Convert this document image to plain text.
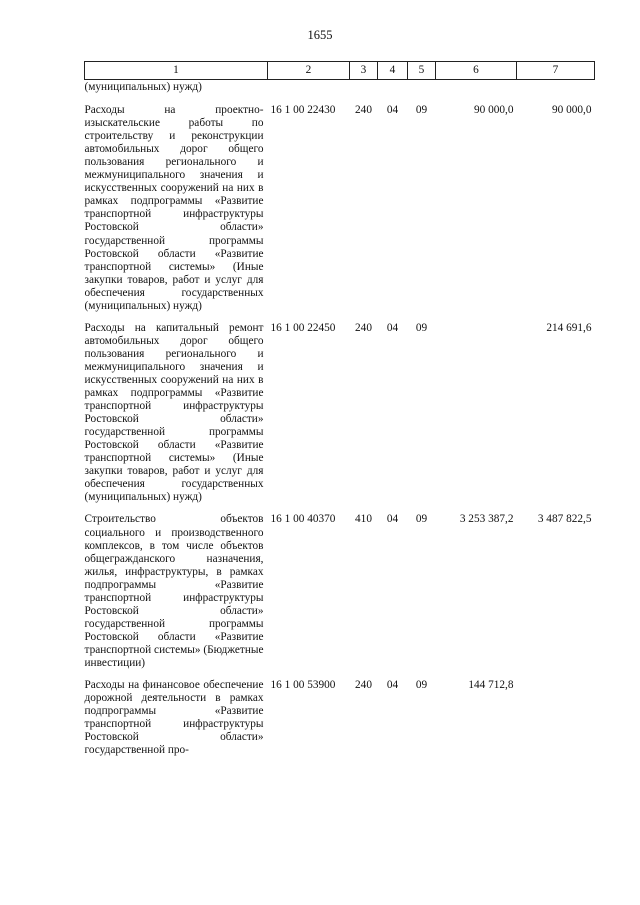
1655
1	2	3	4	5	6	7
(муниципальных) нужд)						
Расходы на проектно-изыскательские работы по строительству и реконструкции автомобильных дорог общего пользования регионального и межмуниципального значения и искусственных сооружений на них в рамках подпрограммы «Развитие транспортной инфраструктуры Ростовской области» государственной программы Ростовской области «Развитие транспортной системы» (Иные закупки товаров, работ и услуг для обеспечения государственных (муниципальных) нужд)	16 1 00 22430	240	04	09	90 000,0	90 000,0
Расходы на капитальный ремонт автомобильных дорог общего пользования регионального и межмуниципального значения и искусственных сооружений на них в рамках подпрограммы «Развитие транспортной инфраструктуры Ростовской области» государственной программы Ростовской области «Развитие транспортной системы» (Иные закупки товаров, работ и услуг для обеспечения государственных (муниципальных) нужд)	16 1 00 22450	240	04	09		214 691,6
Строительство объектов социального и производственного комплексов, в том числе объектов общегражданского назначения, жилья, инфраструктуры, в рамках подпрограммы «Развитие транспортной инфраструктуры Ростовской области» государственной программы Ростовской области «Развитие транспортной системы» (Бюджетные инвестиции)	16 1 00 40370	410	04	09	3 253 387,2	3 487 822,5
Расходы на финансовое обеспечение дорожной деятельности в рамках подпрограммы «Развитие транспортной инфраструктуры Ростовской области» государственной про-	16 1 00 53900	240	04	09	144 712,8	
